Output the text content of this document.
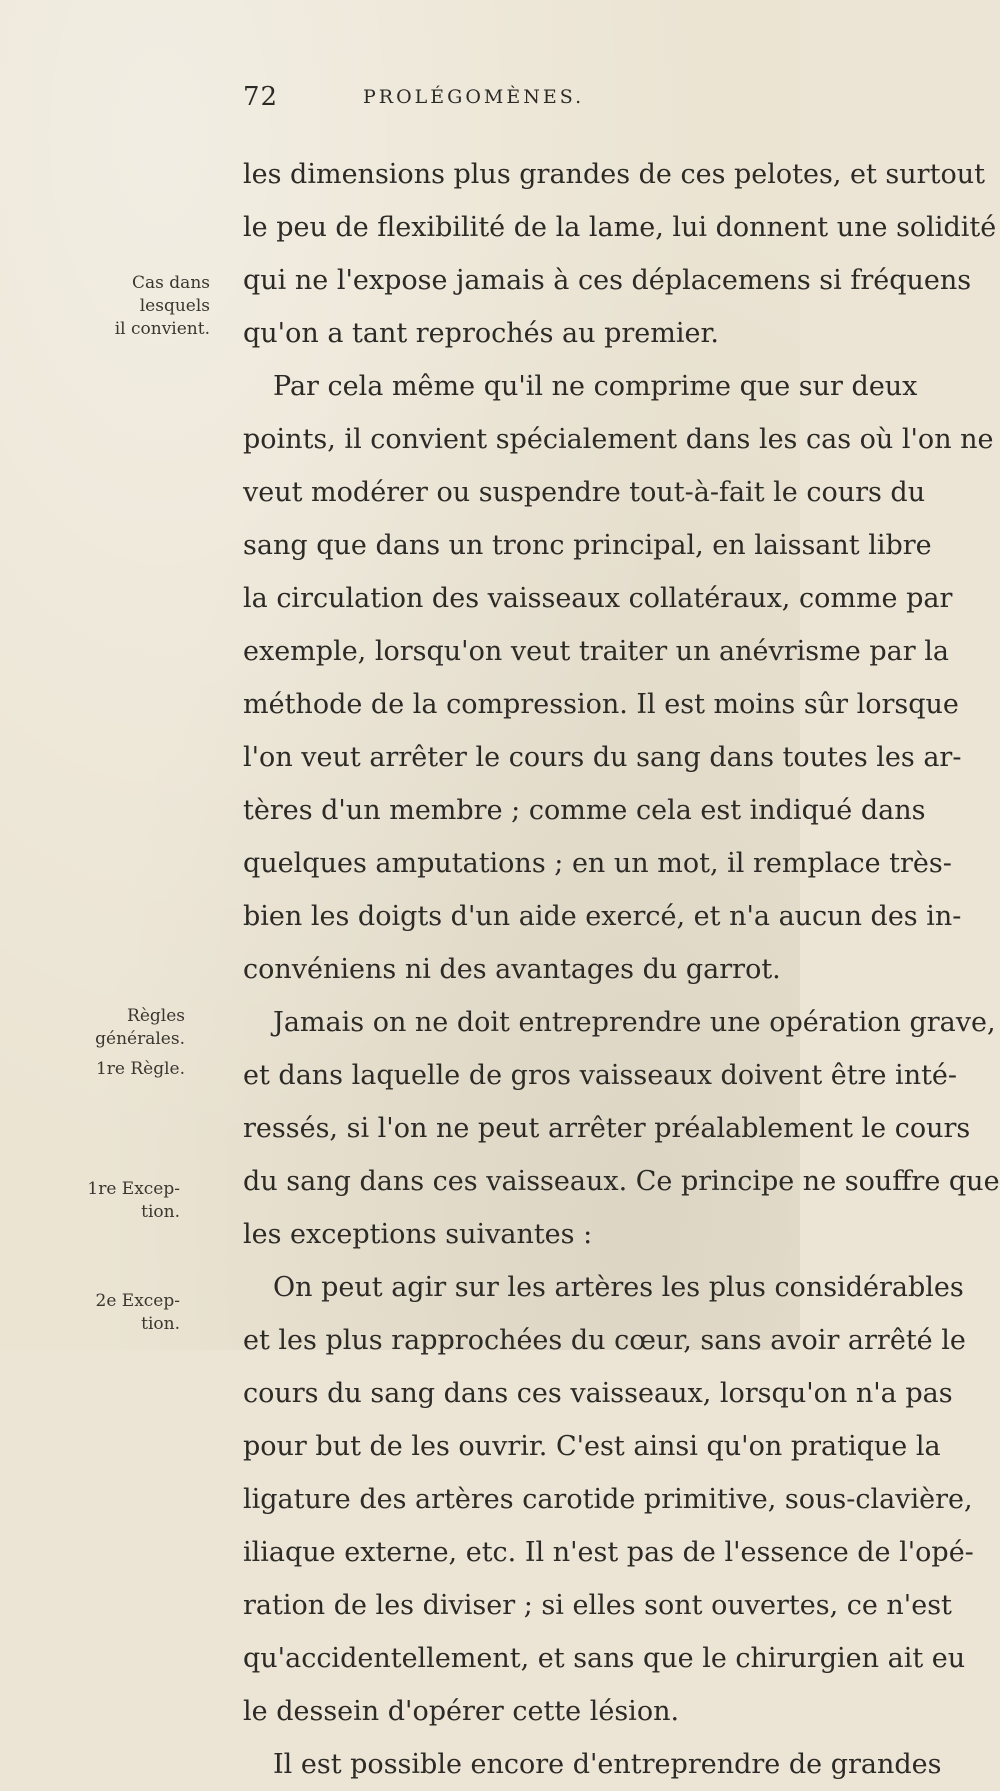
72	PROLÉGOMÈNES.
Cas dans
lesquels
il convient.
Règles
générales.
1re Règle.
1re Excep-
tion.
2e Excep-
tion.
les dimensions plus grandes de ces pelotes, et surtout
le peu de flexibilité de la lame, lui donnent une solidité
qui ne l'expose jamais à ces déplacemens si fréquens
qu'on a tant reprochés au premier.
Par cela même qu'il ne comprime que sur deux
points, il convient spécialement dans les cas où l'on ne
veut modérer ou suspendre tout-à-fait le cours du
sang que dans un tronc principal, en laissant libre
la circulation des vaisseaux collatéraux, comme par
exemple, lorsqu'on veut traiter un anévrisme par la
méthode de la compression. Il est moins sûr lorsque
l'on veut arrêter le cours du sang dans toutes les ar-
tères d'un membre ; comme cela est indiqué dans
quelques amputations ; en un mot, il remplace très-
bien les doigts d'un aide exercé, et n'a aucun des in-
convéniens ni des avantages du garrot.
Jamais on ne doit entreprendre une opération grave,
et dans laquelle de gros vaisseaux doivent être inté-
ressés, si l'on ne peut arrêter préalablement le cours
du sang dans ces vaisseaux. Ce principe ne souffre que
les exceptions suivantes :
On peut agir sur les artères les plus considérables
et les plus rapprochées du cœur, sans avoir arrêté le
cours du sang dans ces vaisseaux, lorsqu'on n'a pas
pour but de les ouvrir. C'est ainsi qu'on pratique la
ligature des artères carotide primitive, sous-clavière,
iliaque externe, etc. Il n'est pas de l'essence de l'opé-
ration de les diviser ; si elles sont ouvertes, ce n'est
qu'accidentellement, et sans que le chirurgien ait eu
le dessein d'opérer cette lésion.
Il est possible encore d'entreprendre de grandes
